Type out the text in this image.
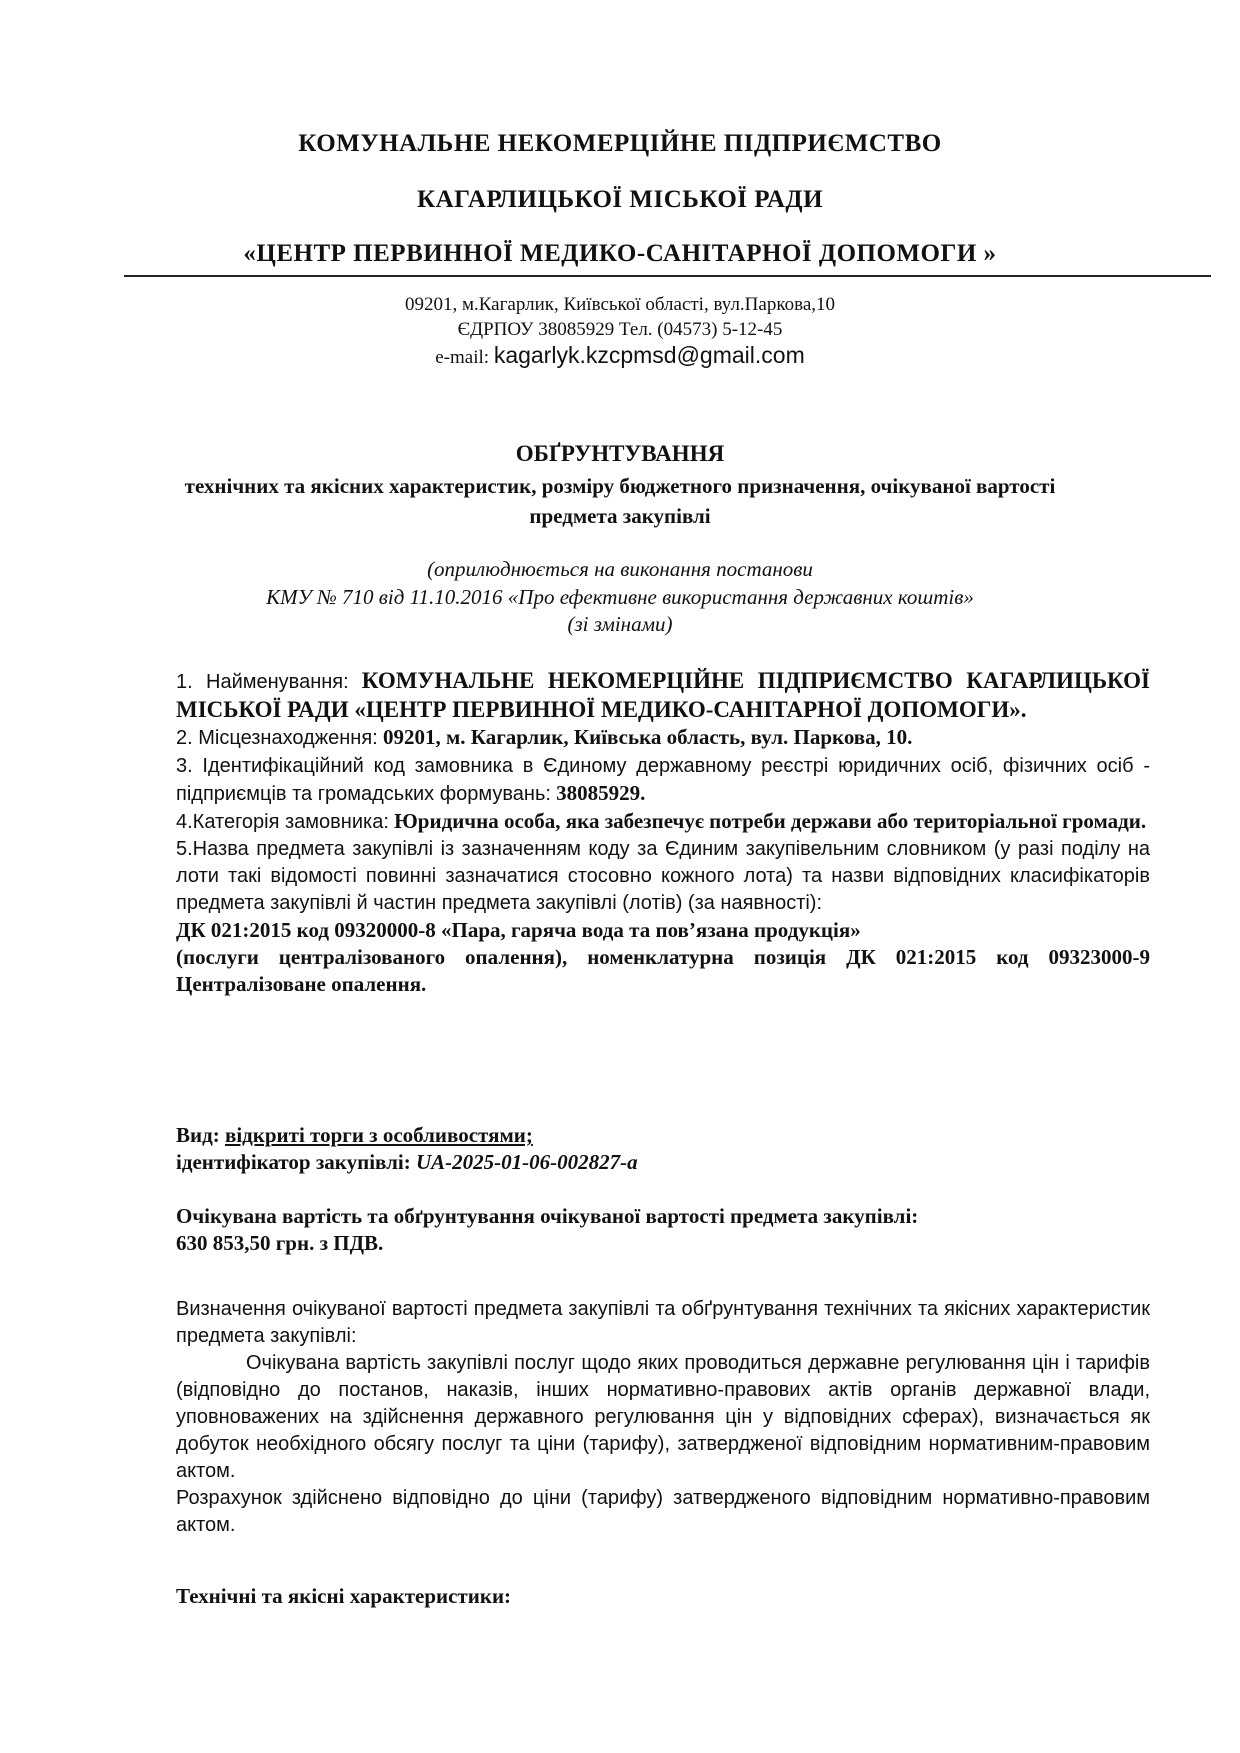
КОМУНАЛЬНЕ НЕКОМЕРЦІЙНЕ ПІДПРИЄМСТВО
КАГАРЛИЦЬКОЇ МІСЬКОЇ РАДИ
«ЦЕНТР ПЕРВИННОЇ МЕДИКО-САНІТАРНОЇ ДОПОМОГИ »
09201, м.Кагарлик, Київської області, вул.Паркова,10
ЄДРПОУ 38085929 Тел. (04573) 5-12-45
e-mail: kagarlyk.kzcpmsd@gmail.com
ОБҐРУНТУВАННЯ
технічних та якісних характеристик, розміру бюджетного призначення, очікуваної вартості предмета закупівлі
(оприлюднюється на виконання постанови
КМУ № 710 від 11.10.2016 «Про ефективне використання державних коштів»
(зі змінами)

1. Найменування: КОМУНАЛЬНЕ НЕКОМЕРЦІЙНЕ ПІДПРИЄМСТВО КАГАРЛИЦЬКОЇ МІСЬКОЇ РАДИ «ЦЕНТР ПЕРВИННОЇ МЕДИКО-САНІТАРНОЇ ДОПОМОГИ».

2. Місцезнаходження: 09201, м. Кагарлик, Київська область, вул. Паркова, 10.

3. Ідентифікаційний код замовника в Єдиному державному реєстрі юридичних осіб, фізичних осіб - підприємців та громадських формувань: 38085929.

4.Категорія замовника: Юридична особа, яка забезпечує потреби держави або територіальної громади.

5.Назва предмета закупівлі із зазначенням коду за Єдиним закупівельним словником (у разі поділу на лоти такі відомості повинні зазначатися стосовно кожного лота) та назви відповідних класифікаторів предмета закупівлі й частин предмета закупівлі (лотів) (за наявності):

ДК 021:2015 код 09320000-8 «Пара, гаряча вода та пов’язана продукція»

(послуги централізованого опалення), номенклатурна позиція ДК 021:2015 код 09323000-9 Централізоване опалення.

Вид: відкриті торги з особливостями;

ідентифікатор закупівлі: UA-2025-01-06-002827-a

Очікувана вартість та обґрунтування очікуваної вартості предмета закупівлі:

630 853,50 грн. з ПДВ.

Визначення очікуваної вартості предмета закупівлі та обґрунтування технічних та якісних характеристик предмета закупівлі:

Очікувана вартість закупівлі послуг щодо яких проводиться державне регулювання цін і тарифів (відповідно до постанов, наказів, інших нормативно-правових актів органів державної влади, уповноважених на здійснення державного регулювання цін у відповідних сферах), визначається як добуток необхідного обсягу послуг та ціни (тарифу), затвердженої відповідним нормативним-правовим актом.

Розрахунок здійснено відповідно до ціни (тарифу) затвердженого відповідним нормативно-правовим актом.

Технічні та якісні характеристики:
